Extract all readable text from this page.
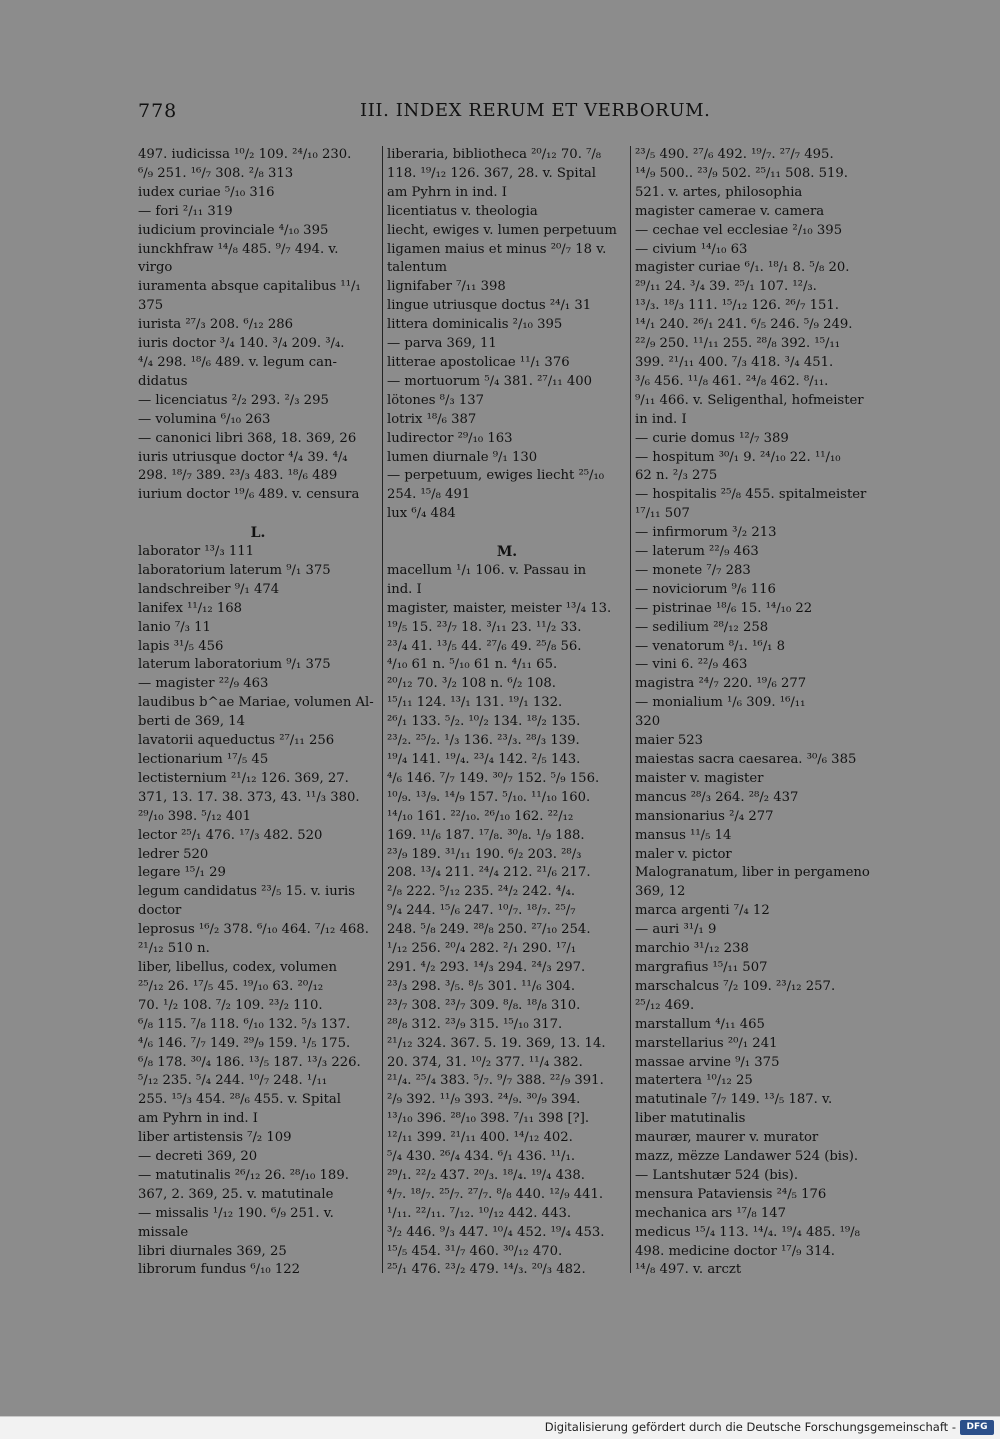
778	III. INDEX RERUM ET VERBORUM.
497. iudicissa ¹⁰/₂ 109. ²⁴/₁₀ 230.
⁶/₉ 251. ¹⁶/₇ 308. ²/₈ 313
iudex curiae ⁵/₁₀ 316
— fori ²/₁₁ 319
iudicium provinciale ⁴/₁₀ 395
iunckhfraw ¹⁴/₈ 485. ⁹/₇ 494. v.
virgo
iuramenta absque capitalibus ¹¹/₁
375
iurista ²⁷/₃ 208. ⁶/₁₂ 286
iuris doctor ³/₄ 140. ³/₄ 209. ³/₄.
⁴/₄ 298. ¹⁸/₆ 489. v. legum can-
didatus
— licenciatus ²/₂ 293. ²/₃ 295
— volumina ⁶/₁₀ 263
— canonici libri 368, 18. 369, 26
iuris utriusque doctor ⁴/₄ 39. ⁴/₄
298. ¹⁸/₇ 389. ²³/₃ 483. ¹⁸/₆ 489
iurium doctor ¹⁹/₆ 489. v. censura

L.
laborator ¹³/₃ 111
laboratorium laterum ⁹/₁ 375
landschreiber ⁹/₁ 474
lanifex ¹¹/₁₂ 168
lanio ⁷/₃ 11
lapis ³¹/₅ 456
laterum laboratorium ⁹/₁ 375
— magister ²²/₉ 463
laudibus b^ae Mariae, volumen Al-
berti de 369, 14
lavatorii aqueductus ²⁷/₁₁ 256
lectionarium ¹⁷/₅ 45
lectisternium ²¹/₁₂ 126. 369, 27.
371, 13. 17. 38. 373, 43. ¹¹/₃ 380.
²⁹/₁₀ 398. ⁵/₁₂ 401
lector ²⁵/₁ 476. ¹⁷/₃ 482. 520
ledrer 520
legare ¹⁵/₁ 29
legum candidatus ²³/₅ 15. v. iuris
doctor
leprosus ¹⁶/₂ 378. ⁶/₁₀ 464. ⁷/₁₂ 468.
²¹/₁₂ 510 n.
liber, libellus, codex, volumen
²⁵/₁₂ 26. ¹⁷/₅ 45. ¹⁹/₁₀ 63. ²⁰/₁₂
70. ¹/₂ 108. ⁷/₂ 109. ²³/₂ 110.
⁶/₈ 115. ⁷/₈ 118. ⁶/₁₀ 132. ⁵/₃ 137.
⁴/₆ 146. ⁷/₇ 149. ²⁹/₉ 159. ¹/₅ 175.
⁶/₈ 178. ³⁰/₄ 186. ¹³/₅ 187. ¹³/₃ 226.
⁵/₁₂ 235. ⁵/₄ 244. ¹⁰/₇ 248. ¹/₁₁
255. ¹⁵/₃ 454. ²⁸/₆ 455. v. Spital
am Pyhrn in ind. I
liber artistensis ⁷/₂ 109
— decreti 369, 20
— matutinalis ²⁶/₁₂ 26. ²⁸/₁₀ 189.
367, 2. 369, 25. v. matutinale
— missalis ¹/₁₂ 190. ⁶/₉ 251. v.
missale
libri diurnales 369, 25
librorum fundus ⁶/₁₀ 122
liberaria, bibliotheca ²⁰/₁₂ 70. ⁷/₈
118. ¹⁹/₁₂ 126. 367, 28. v. Spital
am Pyhrn in ind. I
licentiatus v. theologia
liecht, ewiges v. lumen perpetuum
ligamen maius et minus ²⁰/₇ 18 v.
talentum
lignifaber ⁷/₁₁ 398
lingue utriusque doctus ²⁴/₁ 31
littera dominicalis ²/₁₀ 395
— parva 369, 11
litterae apostolicae ¹¹/₁ 376
— mortuorum ⁵/₄ 381. ²⁷/₁₁ 400
lötones ⁸/₃ 137
lotrix ¹⁸/₆ 387
ludirector ²⁹/₁₀ 163
lumen diurnale ⁹/₁ 130
— perpetuum, ewiges liecht ²⁵/₁₀
254. ¹⁵/₈ 491
lux ⁶/₄ 484

M.
macellum ¹/₁ 106. v. Passau in
ind. I
magister, maister, meister ¹³/₄ 13.
¹⁹/₅ 15. ²³/₇ 18. ³/₁₁ 23. ¹¹/₂ 33.
²³/₄ 41. ¹³/₅ 44. ²⁷/₆ 49. ²⁵/₈ 56.
⁴/₁₀ 61 n. ⁵/₁₀ 61 n. ⁴/₁₁ 65.
²⁰/₁₂ 70. ³/₂ 108 n. ⁶/₂ 108.
¹⁵/₁₁ 124. ¹³/₁ 131. ¹⁹/₁ 132.
²⁶/₁ 133. ⁵/₂. ¹⁰/₂ 134. ¹⁸/₂ 135.
²³/₂. ²⁵/₂. ¹/₃ 136. ²³/₃. ²⁸/₃ 139.
¹⁹/₄ 141. ¹⁹/₄. ²³/₄ 142. ²/₅ 143.
⁴/₆ 146. ⁷/₇ 149. ³⁰/₇ 152. ⁵/₉ 156.
¹⁰/₉. ¹³/₉. ¹⁴/₉ 157. ⁵/₁₀. ¹¹/₁₀ 160.
¹⁴/₁₀ 161. ²²/₁₀. ²⁶/₁₀ 162. ²²/₁₂
169. ¹¹/₆ 187. ¹⁷/₈. ³⁰/₈. ¹/₉ 188.
²³/₉ 189. ³¹/₁₁ 190. ⁶/₂ 203. ²⁸/₃
208. ¹³/₄ 211. ²⁴/₄ 212. ²¹/₆ 217.
²/₈ 222. ⁵/₁₂ 235. ²⁴/₂ 242. ⁴/₄.
⁹/₄ 244. ¹⁵/₆ 247. ¹⁰/₇. ¹⁸/₇. ²⁵/₇
248. ⁵/₈ 249. ²⁸/₈ 250. ²⁷/₁₀ 254.
¹/₁₂ 256. ²⁰/₄ 282. ²/₁ 290. ¹⁷/₁
291. ⁴/₂ 293. ¹⁴/₃ 294. ²⁴/₃ 297.
²³/₃ 298. ³/₅. ⁸/₅ 301. ¹¹/₆ 304.
²³/₇ 308. ²³/₇ 309. ⁸/₈. ¹⁸/₈ 310.
²⁸/₈ 312. ²³/₉ 315. ¹⁵/₁₀ 317.
²¹/₁₂ 324. 367. 5. 19. 369, 13. 14.
20. 374, 31. ¹⁰/₂ 377. ¹¹/₄ 382.
²¹/₄. ²⁵/₄ 383. ⁵/₇. ⁹/₇ 388. ²²/₉ 391.
²/₉ 392. ¹¹/₉ 393. ²⁴/₉. ³⁰/₉ 394.
¹³/₁₀ 396. ²⁸/₁₀ 398. ⁷/₁₁ 398 [?].
¹²/₁₁ 399. ²¹/₁₁ 400. ¹⁴/₁₂ 402.
⁵/₄ 430. ²⁶/₄ 434. ⁶/₁ 436. ¹¹/₁.
²⁹/₁. ²²/₂ 437. ²⁰/₃. ¹⁸/₄. ¹⁹/₄ 438.
⁴/₇. ¹⁸/₇. ²⁵/₇. ²⁷/₇. ⁸/₈ 440. ¹²/₉ 441.
¹/₁₁. ²²/₁₁. ⁷/₁₂. ¹⁰/₁₂ 442. 443.
³/₂ 446. ⁹/₃ 447. ¹⁰/₄ 452. ¹⁹/₄ 453.
¹⁵/₅ 454. ³¹/₇ 460. ³⁰/₁₂ 470.
²⁵/₁ 476. ²³/₂ 479. ¹⁴/₃. ²⁰/₃ 482.
²³/₅ 490. ²⁷/₆ 492. ¹⁹/₇. ²⁷/₇ 495.
¹⁴/₉ 500.. ²³/₉ 502. ²⁵/₁₁ 508. 519.
521. v. artes, philosophia
magister camerae v. camera
— cechae vel ecclesiae ²/₁₀ 395
— civium ¹⁴/₁₀ 63
magister curiae ⁶/₁. ¹⁸/₁ 8. ⁵/₈ 20.
²⁹/₁₁ 24. ³/₄ 39. ²⁵/₁ 107. ¹²/₃.
¹³/₃. ¹⁸/₃ 111. ¹⁵/₁₂ 126. ²⁶/₇ 151.
¹⁴/₁ 240. ²⁶/₁ 241. ⁶/₅ 246. ⁵/₉ 249.
²²/₉ 250. ¹¹/₁₁ 255. ²⁸/₈ 392. ¹⁵/₁₁
399. ²¹/₁₁ 400. ⁷/₃ 418. ³/₄ 451.
³/₆ 456. ¹¹/₈ 461. ²⁴/₈ 462. ⁸/₁₁.
⁹/₁₁ 466. v. Seligenthal, hofmeister
in ind. I
— curie domus ¹²/₇ 389
— hospitum ³⁰/₁ 9. ²⁴/₁₀ 22. ¹¹/₁₀
62 n. ²/₃ 275
— hospitalis ²⁵/₈ 455. spitalmeister
¹⁷/₁₁ 507
— infirmorum ³/₂ 213
— laterum ²²/₉ 463
— monete ⁷/₇ 283
— noviciorum ⁹/₆ 116
— pistrinae ¹⁸/₆ 15. ¹⁴/₁₀ 22
— sedilium ²⁸/₁₂ 258
— venatorum ⁸/₁. ¹⁶/₁ 8
— vini 6. ²²/₉ 463
magistra ²⁴/₇ 220. ¹⁹/₆ 277
— monialium ¹/₆ 309. ¹⁶/₁₁
320
maier 523
maiestas sacra caesarea. ³⁰/₆ 385
maister v. magister
mancus ²⁸/₃ 264. ²⁸/₂ 437
mansionarius ²/₄ 277
mansus ¹¹/₅ 14
maler v. pictor
Malogranatum, liber in pergameno
369, 12
marca argenti ⁷/₄ 12
— auri ³¹/₁ 9
marchio ³¹/₁₂ 238
margrafius ¹⁵/₁₁ 507
marschalcus ⁷/₂ 109. ²³/₁₂ 257.
²⁵/₁₂ 469.
marstallum ⁴/₁₁ 465
marstellarius ²⁰/₁ 241
massae arvine ⁹/₁ 375
matertera ¹⁰/₁₂ 25
matutinale ⁷/₇ 149. ¹³/₅ 187. v.
liber matutinalis
maurær, maurer v. murator
mazz, mëzze Landawer 524 (bis).
— Lantshutær 524 (bis).
mensura Pataviensis ²⁴/₅ 176
mechanica ars ¹⁷/₈ 147
medicus ¹⁵/₄ 113. ¹⁴/₄. ¹⁹/₄ 485. ¹⁹/₈
498. medicine doctor ¹⁷/₉ 314.
¹⁴/₈ 497. v. arczt
Digitalisierung gefördert durch die Deutsche Forschungsgemeinschaft -	DFG
